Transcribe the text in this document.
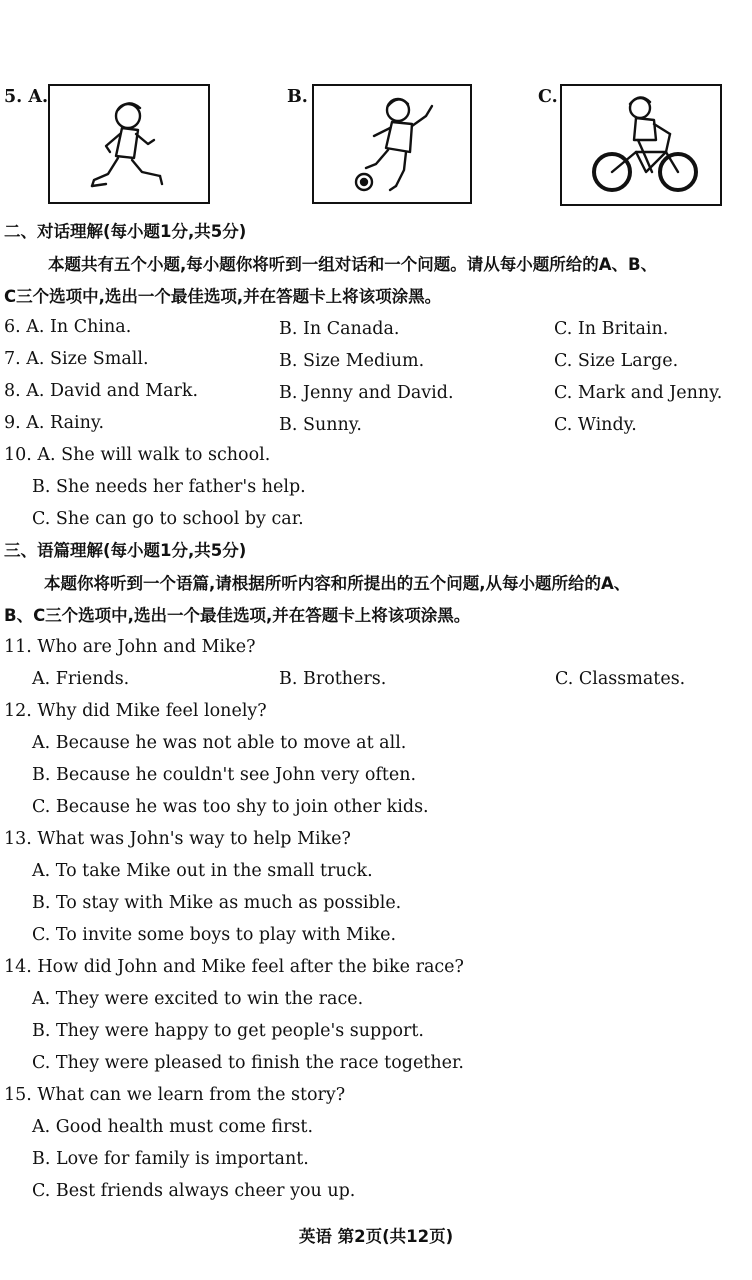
5. A.	B.	C.
二、对话理解(每小题1分,共5分)
本题共有五个小题,每小题你将听到一组对话和一个问题。请从每小题所给的A、B、
C三个选项中,选出一个最佳选项,并在答题卡上将该项涂黑。
6. A. In China.	B. In Canada.	C. In Britain.
7. A. Size Small.	B. Size Medium.	C. Size Large.
8. A. David and Mark.	B. Jenny and David.	C. Mark and Jenny.
9. A. Rainy.	B. Sunny.	C. Windy.
10. A. She will walk to school.
B. She needs her father's help.
C. She can go to school by car.
三、语篇理解(每小题1分,共5分)
本题你将听到一个语篇,请根据所听内容和所提出的五个问题,从每小题所给的A、
B、C三个选项中,选出一个最佳选项,并在答题卡上将该项涂黑。
11. Who are John and Mike?
A. Friends.	B. Brothers.	C. Classmates.
12. Why did Mike feel lonely?
A. Because he was not able to move at all.
B. Because he couldn't see John very often.
C. Because he was too shy to join other kids.
13. What was John's way to help Mike?
A. To take Mike out in the small truck.
B. To stay with Mike as much as possible.
C. To invite some boys to play with Mike.
14. How did John and Mike feel after the bike race?
A. They were excited to win the race.
B. They were happy to get people's support.
C. They were pleased to finish the race together.
15. What can we learn from the story?
A. Good health must come first.
B. Love for family is important.
C. Best friends always cheer you up.
英语 第2页(共12页)
